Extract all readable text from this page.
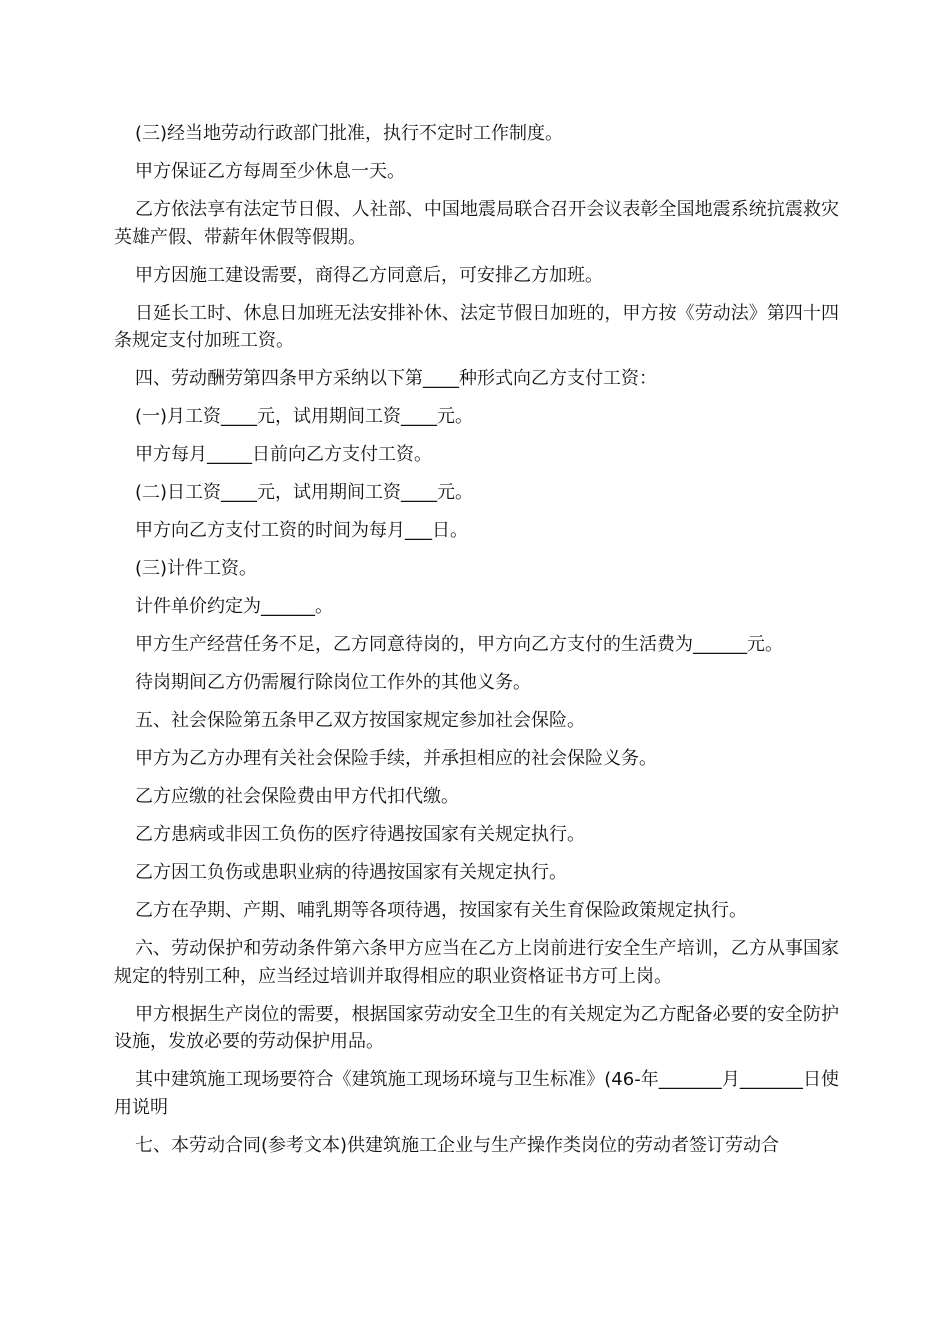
(三)经当地劳动行政部门批准，执行不定时工作制度。

甲方保证乙方每周至少休息一天。

乙方依法享有法定节日假、人社部、中国地震局联合召开会议表彰全国地震系统抗震救灾英雄产假、带薪年休假等假期。

甲方因施工建设需要，商得乙方同意后，可安排乙方加班。

日延长工时、休息日加班无法安排补休、法定节假日加班的，甲方按《劳动法》第四十四条规定支付加班工资。

四、劳动酬劳第四条甲方采纳以下第____种形式向乙方支付工资：

(一)月工资____元，试用期间工资____元。

甲方每月_____日前向乙方支付工资。

(二)日工资____元，试用期间工资____元。

甲方向乙方支付工资的时间为每月___日。

(三)计件工资。

计件单价约定为______。

甲方生产经营任务不足，乙方同意待岗的，甲方向乙方支付的生活费为______元。

待岗期间乙方仍需履行除岗位工作外的其他义务。

五、社会保险第五条甲乙双方按国家规定参加社会保险。

甲方为乙方办理有关社会保险手续，并承担相应的社会保险义务。

乙方应缴的社会保险费由甲方代扣代缴。

乙方患病或非因工负伤的医疗待遇按国家有关规定执行。

乙方因工负伤或患职业病的待遇按国家有关规定执行。

乙方在孕期、产期、哺乳期等各项待遇，按国家有关生育保险政策规定执行。

六、劳动保护和劳动条件第六条甲方应当在乙方上岗前进行安全生产培训，乙方从事国家规定的特别工种，应当经过培训并取得相应的职业资格证书方可上岗。

甲方根据生产岗位的需要，根据国家劳动安全卫生的有关规定为乙方配备必要的安全防护设施，发放必要的劳动保护用品。

其中建筑施工现场要符合《建筑施工现场环境与卫生标准》(46-年_______月_______日使用说明

七、本劳动合同(参考文本)供建筑施工企业与生产操作类岗位的劳动者签订劳动合
